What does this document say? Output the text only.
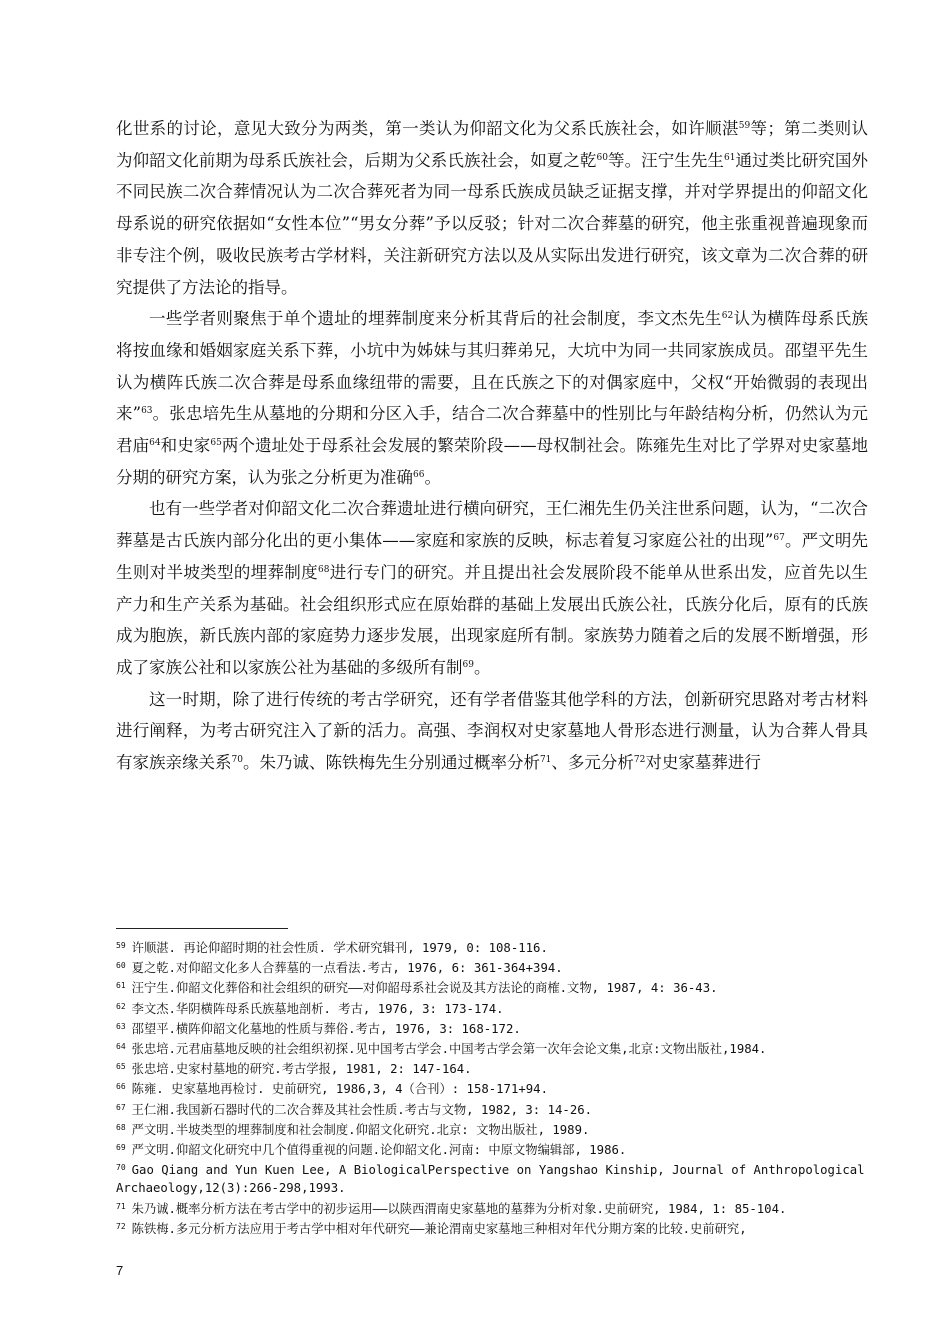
化世系的讨论，意见大致分为两类，第一类认为仰韶文化为父系氏族社会，如许顺湛$^{59}$等；第二类则认为仰韶文化前期为母系氏族社会，后期为父系氏族社会，如夏之乾$^{60}$等。汪宁生先生$^{61}$通过类比研究国外不同民族二次合葬情况认为二次合葬死者为同一母系氏族成员缺乏证据支撑，并对学界提出的仰韶文化母系说的研究依据如“女性本位”“男女分葬”予以反驳；针对二次合葬墓的研究，他主张重视普遍现象而非专注个例，吸收民族考古学材料，关注新研究方法以及从实际出发进行研究，该文章为二次合葬的研究提供了方法论的指导。

一些学者则聚焦于单个遗址的埋葬制度来分析其背后的社会制度，李文杰先生$^{62}$认为横阵母系氏族将按血缘和婚姻家庭关系下葬，小坑中为姊妹与其归葬弟兄，大坑中为同一共同家族成员。邵望平先生认为横阵氏族二次合葬是母系血缘纽带的需要，且在氏族之下的对偶家庭中，父权“开始微弱的表现出来”$^{63}$。张忠培先生从墓地的分期和分区入手，结合二次合葬墓中的性别比与年龄结构分析，仍然认为元君庙$^{64}$和史家$^{65}$两个遗址处于母系社会发展的繁荣阶段——母权制社会。陈雍先生对比了学界对史家墓地分期的研究方案，认为张之分析更为准确$^{66}$。

也有一些学者对仰韶文化二次合葬遗址进行横向研究，王仁湘先生仍关注世系问题，认为，“二次合葬墓是古氏族内部分化出的更小集体——家庭和家族的反映，标志着复习家庭公社的出现”$^{67}$。严文明先生则对半坡类型的埋葬制度$^{68}$进行专门的研究。并且提出社会发展阶段不能单从世系出发，应首先以生产力和生产关系为基础。社会组织形式应在原始群的基础上发展出氏族公社，氏族分化后，原有的氏族成为胞族，新氏族内部的家庭势力逐步发展，出现家庭所有制。家族势力随着之后的发展不断增强，形成了家族公社和以家族公社为基础的多级所有制$^{69}$。

这一时期，除了进行传统的考古学研究，还有学者借鉴其他学科的方法，创新研究思路对考古材料进行阐释，为考古研究注入了新的活力。高强、李润权对史家墓地人骨形态进行测量，认为合葬人骨具有家族亲缘关系$^{70}$。朱乃诚、陈铁梅先生分别通过概率分析$^{71}$、多元分析$^{72}$对史家墓葬进行

$^{59}$ 许顺湛. 再论仰韶时期的社会性质. 学术研究辑刊, 1979, 0: 108-116.
$^{60}$ 夏之乾.对仰韶文化多人合葬墓的一点看法.考古, 1976, 6: 361-364+394.
$^{61}$ 汪宁生.仰韶文化葬俗和社会组织的研究——对仰韶母系社会说及其方法论的商榷.文物, 1987, 4: 36-43.
$^{62}$ 李文杰.华阴横阵母系氏族墓地剖析. 考古, 1976, 3: 173-174.
$^{63}$ 邵望平.横阵仰韶文化墓地的性质与葬俗.考古, 1976, 3: 168-172.
$^{64}$ 张忠培.元君庙墓地反映的社会组织初探.见中国考古学会.中国考古学会第一次年会论文集,北京:文物出版社,1984.
$^{65}$ 张忠培.史家村墓地的研究.考古学报, 1981, 2: 147-164.
$^{66}$ 陈雍. 史家墓地再检讨. 史前研究, 1986,3, 4（合刊）: 158-171+94.
$^{67}$ 王仁湘.我国新石器时代的二次合葬及其社会性质.考古与文物, 1982, 3: 14-26.
$^{68}$ 严文明.半坡类型的埋葬制度和社会制度.仰韶文化研究.北京: 文物出版社, 1989.
$^{69}$ 严文明.仰韶文化研究中几个值得重视的问题.论仰韶文化.河南: 中原文物编辑部, 1986.
$^{70}$ Gao Qiang and Yun Kuen Lee, A BiologicalPerspective on Yangshao Kinship, Journal of Anthropological Archaeology,12(3):266-298,1993.
$^{71}$ 朱乃诚.概率分析方法在考古学中的初步运用——以陕西渭南史家墓地的墓葬为分析对象.史前研究, 1984, 1: 85-104.
$^{72}$ 陈铁梅.多元分析方法应用于考古学中相对年代研究——兼论渭南史家墓地三种相对年代分期方案的比较.史前研究,
7
